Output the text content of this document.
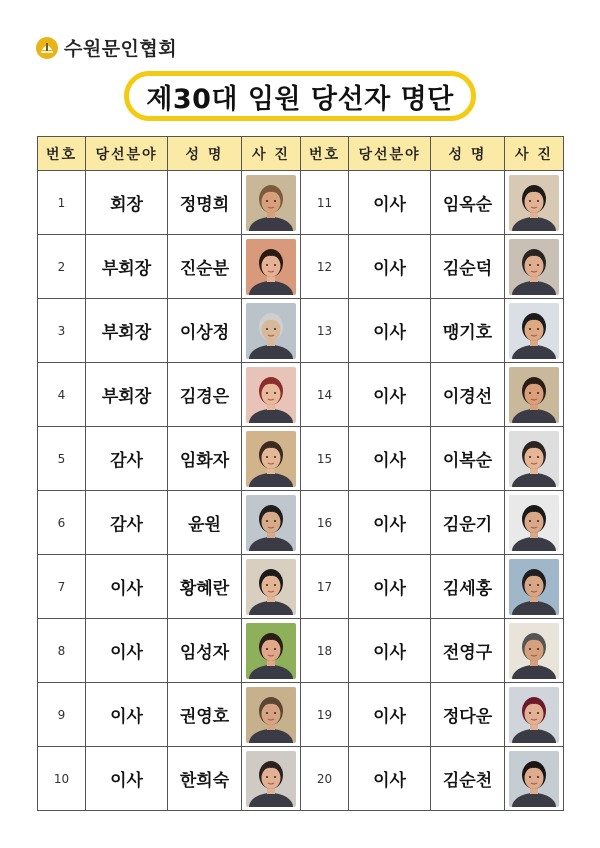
수원문인협회
제30대 임원 당선자 명단
번호	당선분야	성 명	사 진	번호	당선분야	성 명	사 진
1	회장	정명희		11	이사	임옥순	

2	부회장	진순분		12	이사	김순덕	

3	부회장	이상정		13	이사	맹기호	

4	부회장	김경은		14	이사	이경선	

5	감사	임화자		15	이사	이복순	

6	감사	윤원		16	이사	김운기	

7	이사	황혜란		17	이사	김세홍	

8	이사	임성자		18	이사	전영구	

9	이사	권영호		19	이사	정다운	

10	이사	한희숙		20	이사	김순천	
